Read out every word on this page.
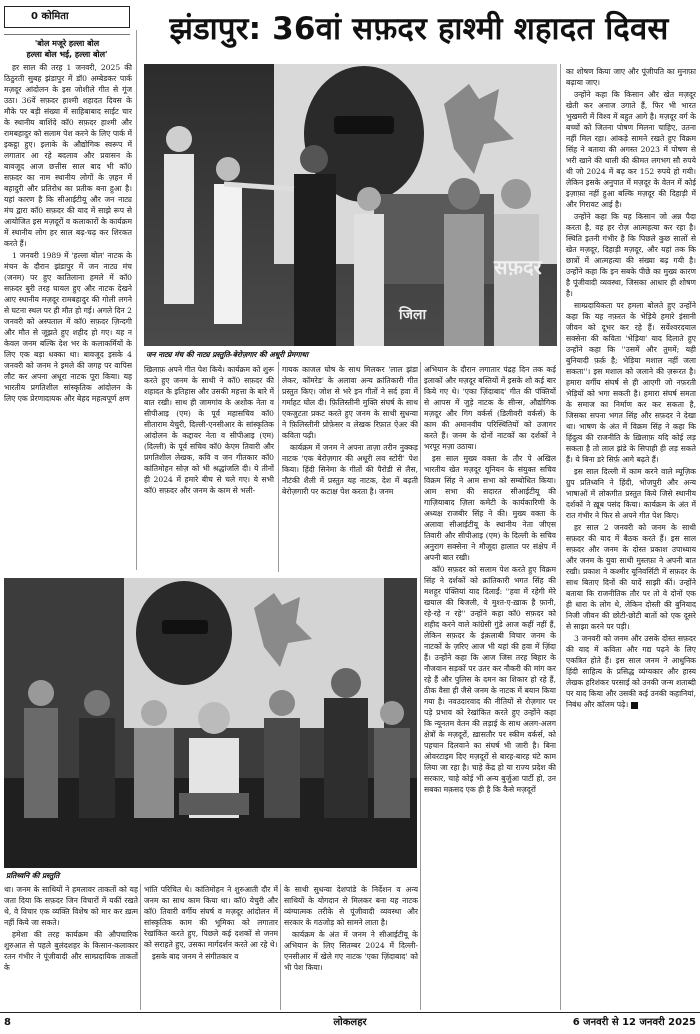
0 कोमिता	झंडापुर: 36वां सफ़दर हाश्मी शहादत दिवस
'बोल मजूरे हल्ला बोल
हल्ला बोल भई, हल्ला बोल'

हर साल की तरह 1 जनवरी, 2025 की ठिठुरती सुबह झंडापुर में डॉ0 अम्बेडकर पार्क मज़दूर आंदोलन के इस जोशीले गीत से गूंज उठा। 36वें सफ़दर हाश्मी शहादत दिवस के मौके पर बड़ी संख्या में साहिबाबाद साईट चार के स्थानीय बाशिंदे कॉ0 सफ़दर हाश्मी और रामबहादुर को सलाम पेश करने के लिए पार्क में इकट्ठा हुए। इलाके के औद्योगिक स्वरूप में लगातार आ रहे बदलाव और प्रवासन के बावजूद आज छत्तीस साल बाद भी कॉ0 सफ़दर का नाम स्थानीय लोगों के ज़हन में बहादुरी और प्रतिरोध का प्रतीक बना हुआ है। यहां कारण है कि सीआईटीयू और जन नाट्य मंच द्वारा कॉ0 सफ़दर की याद में साझे रूप से आयोजित इस मज़दूरों व कलाकारों के कार्यक्रम में स्थानीय लोग हर साल बढ़-चढ़ कर शिरकत करते हैं।

1 जनवरी 1989 में 'हल्ला बोल' नाटक के मंचन के दौरान झंडापुर में जन नाट्य मंच (जनम) पर हुए कातिलाना हमले में कॉ0 सफ़दर बुरी तरह घायल हुए और नाटक देखने आए स्थानीय मज़दूर रामबहादुर की गोली लगने से घटना स्थल पर ही मौत हो गई। अगले दिन 2 जनवरी को अस्पताल में कॉ0 सफ़दर ज़िन्दगी और मौत से जूझते हुए शहीद हो गए। यह न केवल जनम बल्कि देश भर के कलाकर्मियों के लिए एक बड़ा धक्का था। बावजूद इसके 4 जनवरी को जनम ने इमले की जगह पर वापिस लौट कर अपना अधूरा नाटक पूरा किया। यह भारतीय प्रगतिशील सांस्कृतिक आंदोलन के लिए एक प्रेरणादायक और बेहद महत्वपूर्ण क्षण

सफ़दर
जिला
जन नाट्य मंच की नाट्य प्रस्तुति-बेरोज़गार की अधूरी प्रेमगाथा

का शोषण किया जाए और पूंजीपति का मुनाफ़ा बढ़ाया जाए।

उन्होंने कहा कि किसान और खेत मज़दूर खेती कर अनाज उगाते हैं, फिर भी भारत भुखमरी में विश्व में बहुत आगे है। मज़दूर वर्ग के बच्चों को जितना पोषण मिलना चाहिए, उतना नहीं मिल रहा। आंकड़े सामने रखते हुए विक्रम सिंह ने बताया की अगस्त 2023 में पोषण से भरी खाने की थाली की कीमत लगभग सौ रुपये थी जो 2024 में बढ़ कर 152 रुपये हो गयी। लेकिन इसके अनुपात में मज़दूर के वेतन में कोई इज़ाफ़ा नहीं हुआ बल्कि मज़दूर की दिहाड़ी में और गिरावट आई है।

उन्होंने कहा कि यह किसान जो अन्न पैदा करता है, वह हर रोज़ आत्महत्या कर रहा है। स्थिति इतनी गंभीर है कि पिछले कुछ सालों से खेत मज़दूर, दिहाड़ी मज़दूर, और यहां तक कि छात्रों में आत्महत्या की संख्या बढ़ गयी है। उन्होंने कहा कि इन सबके पीछे का मुख्य कारण है पूंजीवादी व्यवस्था, जिसका आधार ही शोषण है।

साम्प्रदायिकता पर हमला बोलते हुए उन्होंने कहा कि यह नफ़रत के भेड़िये हमारे इंसानी जीवन को दूभर कर रहे हैं। सर्वेश्वरदयाल सक्सेना की कविता 'भेड़िया' याद दिलाते हुए उन्होंने कहा कि ''उसमें और तुममें; यही बुनियादी फ़र्क़ है; भेड़िया मशाल नहीं जला सकता''। इस मशाल को जलाने की ज़रूरत है। हमारा वर्गीय संघर्ष से ही आएगी जो नफ़रती भेड़ियों को भगा सकती है। हमारा संघर्ष समता के समाज का निर्माण कर कर सकता है, जिसका सपना भगत सिंह और सफ़दर ने देखा था। भाषण के अंत में विक्रम सिंह ने कहा कि हिंदुत्व की राजनीति के ख़िलाफ़ यदि कोई लड़ सकता है तो लाल झंडे के सिपाही ही लड़ सकते हैं। ये बिना डरे सिर्फ़ आगे बढ़ते हैं।

इस साल दिल्ली में काम करने वाले म्यूज़िक ग्रुप प्रतिध्वनि ने हिंदी, भोजपुरी और अन्य भाषाओं में लोकगीत प्रस्तुत किये जिसे स्थानीय दर्शकों ने ख़ूब पसंद किया। कार्यक्रम के अंत में रात गंभीर ने फिर से अपने गीत पेश किए।

हर साल 2 जनवरी को जनम के साथी सफ़दर की याद में बैठक करते हैं। इस साल सफ़दर और जनम के दोस्त प्रकाश उपाध्याय और जनम के युवा साथी मुस्तफ़ा ने अपनी बात रखी। प्रकाश ने कश्मीर यूनिवर्सिटी में सफ़दर के साथ बिताए दिनों की यादें साझी कीं। उन्होंने बताया कि राजनीतिक तौर पर तो वे दोनों एक ही धारा के लोग थे, लेकिन दोस्ती की बुनियाद निजी जीवन की छोटी-छोटी बातों को एक दूसरे से साझा करने पर पड़ी।

3 जनवरी को जनम और उसके दोस्त सफ़दर की याद में कविता और गद्य पढ़ने के लिए एकत्रित होते हैं। इस साल जनम ने आधुनिक हिंदी साहित्य के प्रसिद्ध व्यंग्यकार और हास्य लेखक हरिशंकर परसाई को उनकी जन्म शताब्दी पर याद किया और उसकी कई उनकी कहानियां, निबंध और कॉलम पढ़े।

खिलाफ़ अपने गीत पेश किये। कार्यक्रम को शुरू करते हुए जनम के साथी ने कॉ0 सफ़दर की शहादत के इतिहास और उसकी महत्ता के बारे में बात रखी। साथ ही जामगांव के अशोक नेता व सीपीआइ (एम) के पूर्व महासचिव कॉ0 सीताराम येचुरी, दिल्ली-एनसीआर के सांस्कृतिक आंदोलन के कद्दावर नेता व सीपीआइ (एम) (दिल्ली) के पूर्व सचिव कॉ0 केएम तिवारी और प्रगतिशील लेखक, कवि व जन गीतकार कॉ0 कांतिमोहन सोज़ को भी श्रद्धांजलि दी। ये तीनों ही 2024 में हमारे बीच से चले गए। ये सभी कॉ0 सफ़दर और जनम के काम से भली-

गायक काजल घोष के साथ मिलकर 'लाल झंडा लेकर, कॉमरेड' के अलावा अन्य क्रांतिकारी गीत प्रस्तुत किए। जोश से भरे इन गीतों ने सर्द हवा में गर्माहट घोल दी। फ़िलिस्तीनी मुक्ति संघर्ष के साथ एकजुटता प्रकट करते हुए जनम के साथी सुधन्वा ने फ़िलिस्तीनी प्रोफ़ेसर व लेखक रिफ़ात ऐअर की कविता पढ़ी।

कार्यक्रम में जनम ने अपना ताज़ा तरीन नुक्कड़ नाटक 'एक बेरोज़गार की अधूरी लव स्टोरी' पेश किया। हिंदी सिनेमा के गीतों की पैरोडी से लैस, नौटंकी शैली में प्रस्तुत यह नाटक, देश में बढ़ती बेरोज़गारी पर कटाक्ष पेश करता है। जनम

अभियान के दौरान लगातार पंद्रह दिन तक कई इलाकों और मज़दूर बस्तियों में इसके शो कई बार किये गए थे। 'एका ज़िंदाबाद' गीत की पंक्तियों से आपस में जुड़े नाटक के सीन्स, औद्योगिक मज़दूर और गिग वर्कर्स (डिलीवरी वर्कर्स) के काम की अमानवीय परिस्थितियों को उजागर करते हैं। जनम के दोनों नाटकों का दर्शकों ने भरपूर मज़ा उठाया।

इस साल मुख्य वक्ता के तौर पे अखिल भारतीय खेत मज़दूर यूनियन के संयुक्त सचिव विक्रम सिंह ने आम सभा को सम्बोधित किया। आम सभा की सदारत सीआईटीयू की गाज़ियाबाद ज़िला कमेटी के कार्यकारिणी के अध्यक्ष राजबीर सिंह ने की। मुख्य वक्ता के अलावा सीआईटीयू के स्थानीय नेता जीएस तिवारी और सीपीआइ (एम) के दिल्ली के सचिव अनुराग सक्सेना ने मौजूदा हालात पर संक्षेप में अपनी बात रखी।

कॉ0 सफ़दर को सलाम पेश करते हुए विक्रम सिंह ने दर्शकों को क्रांतिकारी भगत सिंह की मशहूर पंक्तियां याद दिलाईं: ''हवा में रहेगी मेरे खयाल की बिजली, ये मुश्त-ए-ख़ाक है फ़ानी, रहे-रहे न रहे'' उन्होंने कहा कॉ0 सफ़दर को शहीद करने वाले कांग्रेसी गुंडे आज कहीं नहीं हैं, लेकिन सफ़दर के इंक़लाबी विचार जनम के नाटकों के ज़रिए आज भी यहां की हवा में ज़िंदा हैं। उन्होंने कहा कि आज जिस तरह बिहार के नौजवान सड़कों पर उतर कर नौकरी की मांग कर रहे हैं और पुलिस के दमन का शिकार हो रहे हैं, ठीक वैसा ही जैसे जनम के नाटक में बयान किया गया है। नवउदारवाद की नीतियों से रोज़गार पर पड़े प्रभाव को रेखांकित करते हुए उन्होंने कहा कि न्यूनतम वेतन की लड़ाई के साथ अलग-अलग क्षेत्रों के मज़दूरों, ख़ासतौर पर स्कीम वर्कर्स, को पहचान दिलवाने का संघर्ष भी जारी है। बिना ओवरटाइम दिए मज़दूरों से बारह-बारह घंटे काम लिया जा रहा है। चाहे केंद्र हो या राज्य प्रदेश की सरकार, चाहे कोई भी अन्य बुर्जुआ पार्टी हो, उन सबका मक़सद एक ही है कि कैसे मज़दूरों

प्रतिध्वनि की प्रस्तुति

था। जनम के साथियों ने हमलावर ताकतों को यह जता दिया कि सफ़दर जिन विचारों में यकीं रखते थे, वे विचार एक व्यक्ति विशेष को मार कर ख़त्म नहीं किये जा सकते।

हमेशा की तरह कार्यक्रम की औपचारिक शुरुआत से पहले बुलंदशहर के किसान-कलाकार रतन गंभीर ने पूंजीवादी और साम्प्रदायिक ताकतों के

भांति परिचित थे। कांतिमोहन ने शुरुआती दौर में जनम का साथ काम किया था। कॉ0 येचुरी और कॉ0 तिवारी वर्गीय संघर्ष व मज़दूर आंदोलन में सांस्कृतिक काम की भूमिका को लगातार रेखांकित करते हुए, पिछले कई दशकों से जनम को सराहते हुए, उसका मार्गदर्शन करते आ रहे थे।

इसके बाद जनम ने संगीतकार व

के साथी सुधन्वा देशपांडे के निर्देशन व अन्य साथियों के योगदान से मिलकर बना यह नाटक व्यंग्यात्मक तरीके से पूंजीवादी व्यवस्था और सरकार के गठजोड़ को सामने लाता है।

कार्यक्रम के अंत में जनम ने सीआईटीयू के अभियान के लिए सितम्बर 2024 में दिल्ली-एनसीआर में खेले गए नाटक 'एका ज़िंदाबाद' को भी पेश किया।

8	लोकलहर	6 जनवरी से 12 जनवरी 2025
